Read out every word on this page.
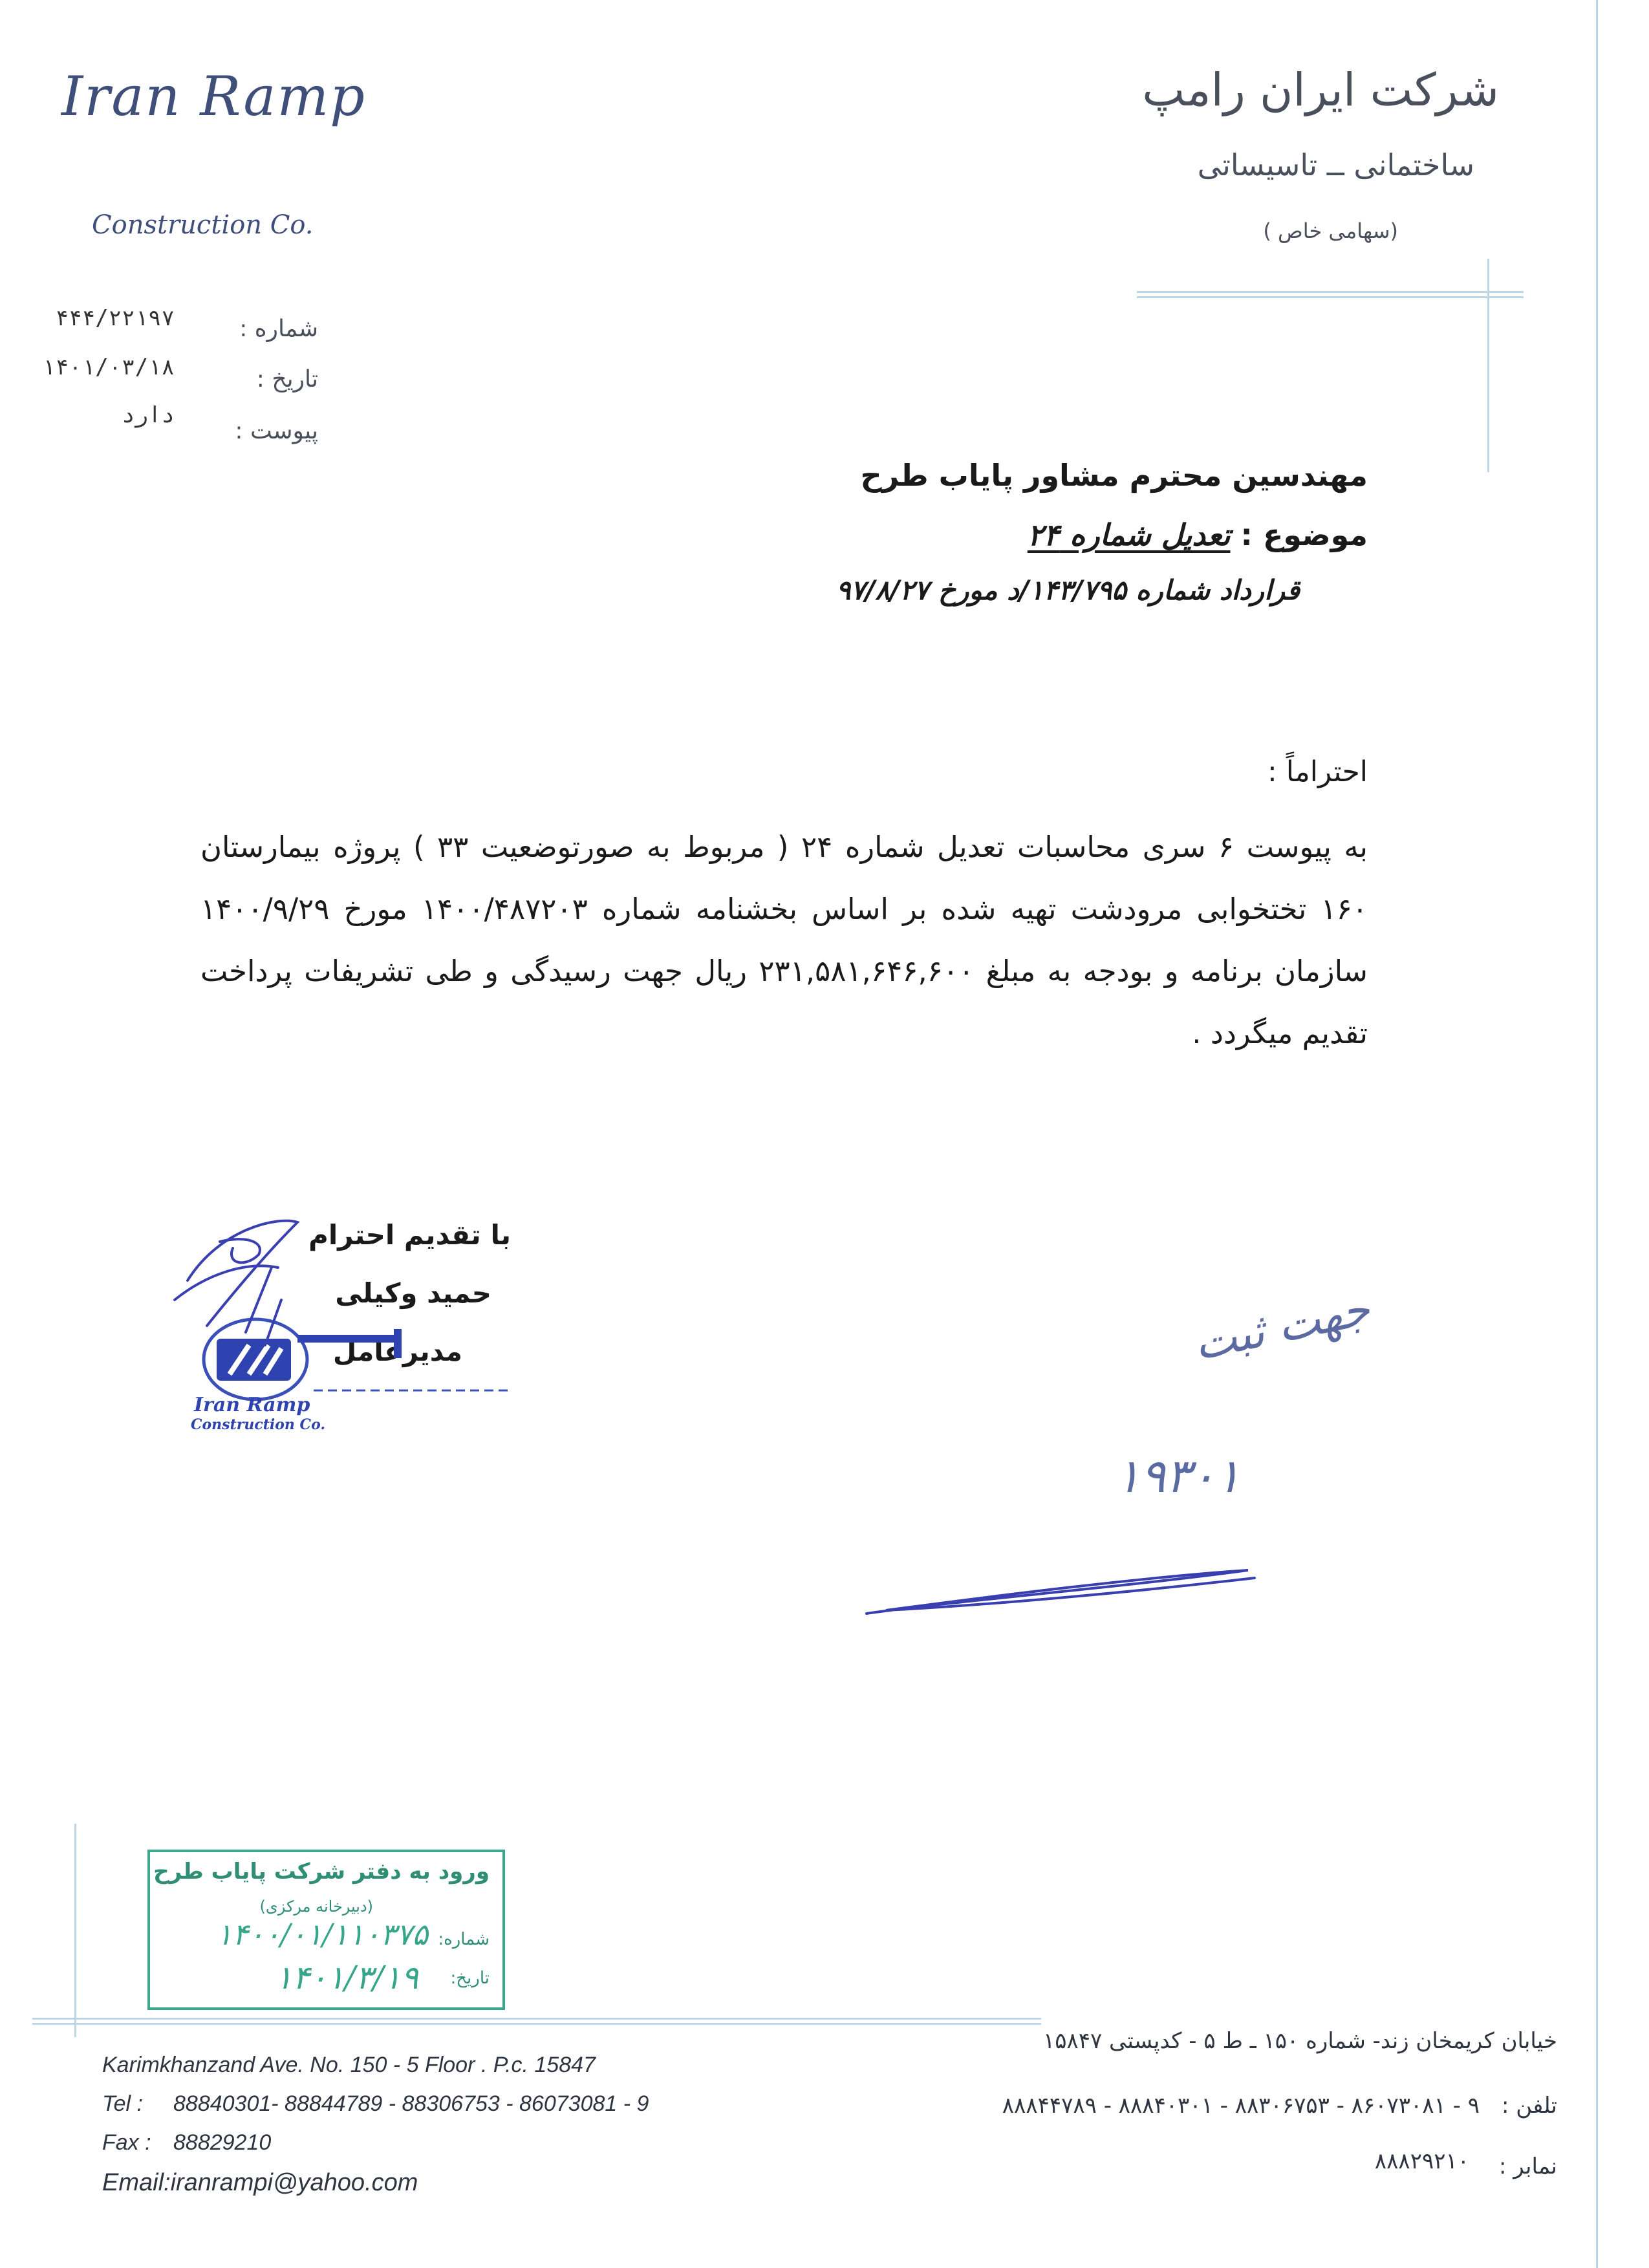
Iran Ramp
Construction Co.
شرکت ایران رامپ
ساختمانی ــ تاسیساتی
(سهامی خاص )
شماره :
۴۴۴/۲۲۱۹۷
تاریخ :
۱۴۰۱/۰۳/۱۸
پیوست :
دارد
مهندسین محترم مشاور پایاب طرح
موضوع : تعدیل شماره ۲۴
قرارداد شماره ۱۴۳/۷۹۵/د مورخ ۹۷/۸/۲۷
احتراماً :
به پیوست ۶ سری محاسبات تعدیل شماره ۲۴ ( مربوط به صورتوضعیت ۳۳ ) پروژه بیمارستان ۱۶۰ تختخوابی مرودشت تهیه شده بر اساس بخشنامه شماره ۱۴۰۰/۴۸۷۲۰۳ مورخ ۱۴۰۰/۹/۲۹ سازمان برنامه و بودجه به مبلغ ۲۳۱,۵۸۱,۶۴۶,۶۰۰ ریال جهت رسیدگی و طی تشریفات پرداخت تقدیم میگردد .
با تقدیم احترام
حمید وکیلی
مدیرعامل
Iran Ramp
Construction Co.
جهت ثبت
۱۹۳۰۱
ورود به دفتر شرکت پایاب طرح
(دبیرخانه مرکزی)
شماره:
۱۴۰۰/۰۱/۱۱۰۳۷۵
تاریخ:
۱۴۰۱/۳/۱۹
Karimkhanzand Ave. No. 150 - 5 Floor . P.c. 15847
Tel : 88840301- 88844789 - 88306753 - 86073081 - 9
Fax : 88829210
Email:iranrampi@yahoo.com
خیابان کریمخان زند- شماره ۱۵۰ ـ ط ۵ - کدپستی ۱۵۸۴۷
تلفن :
۹ - ۸۶۰۷۳۰۸۱ - ۸۸۳۰۶۷۵۳ - ۸۸۸۴۰۳۰۱ - ۸۸۸۴۴۷۸۹
نمابر :
۸۸۸۲۹۲۱۰
